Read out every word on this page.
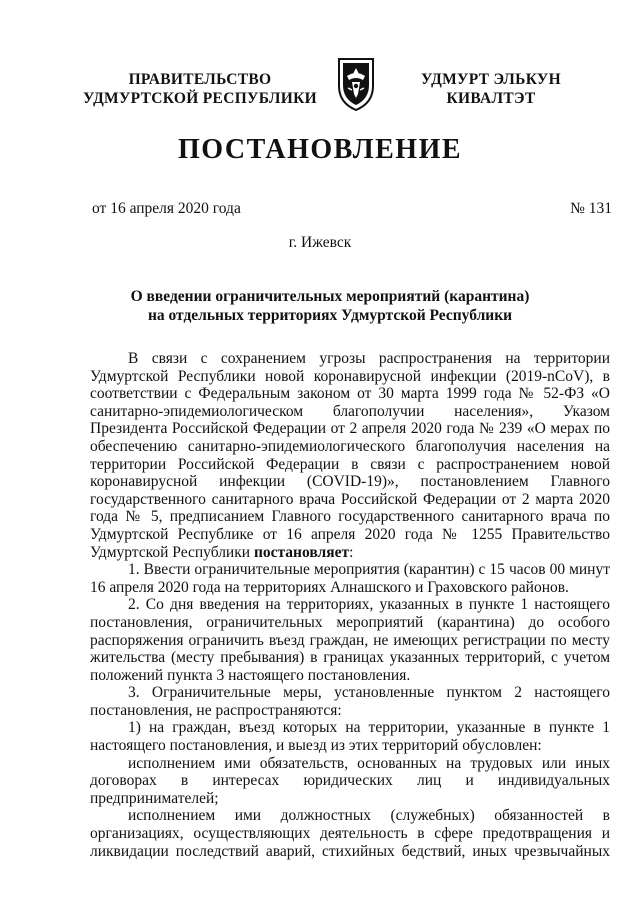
ПРАВИТЕЛЬСТВО
УДМУРТСКОЙ РЕСПУБЛИКИ
УДМУРТ ЭЛЬКУН
КИВАЛТЭТ
ПОСТАНОВЛЕНИЕ
от 16 апреля 2020 года	№ 131
г. Ижевск
О введении ограничительных мероприятий (карантина)
на отдельных территориях Удмуртской Республики

В связи с сохранением угрозы распространения на территории Удмуртской Республики новой коронавирусной инфекции (2019-nCoV), в соответствии с Федеральным законом от 30 марта 1999 года № 52-ФЗ «О санитарно-эпидемиологическом благополучии населения», Указом Президента Российской Федерации от 2 апреля 2020 года № 239 «О мерах по обеспечению санитарно-эпидемиологического благополучия населения на территории Российской Федерации в связи с распространением новой коронавирусной инфекции (COVID-19)», постановлением Главного государственного санитарного врача Российской Федерации от 2 марта 2020 года № 5, предписанием Главного государственного санитарного врача по Удмуртской Республике от 16 апреля 2020 года № 1255 Правительство Удмуртской Республики постановляет:

1. Ввести ограничительные мероприятия (карантин) с 15 часов 00 минут 16 апреля 2020 года на территориях Алнашского и Граховского районов.

2. Со дня введения на территориях, указанных в пункте 1 настоящего постановления, ограничительных мероприятий (карантина) до особого распоряжения ограничить въезд граждан, не имеющих регистрации по месту жительства (месту пребывания) в границах указанных территорий, с учетом положений пункта 3 настоящего постановления.

3. Ограничительные меры, установленные пунктом 2 настоящего постановления, не распространяются:

1) на граждан, въезд которых на территории, указанные в пункте 1 настоящего постановления, и выезд из этих территорий обусловлен:

исполнением ими обязательств, основанных на трудовых или иных договорах в интересах юридических лиц и индивидуальных предпринимателей;

исполнением ими должностных (служебных) обязанностей в организациях, осуществляющих деятельность в сфере предотвращения и ликвидации последствий аварий, стихийных бедствий, иных чрезвычайных
